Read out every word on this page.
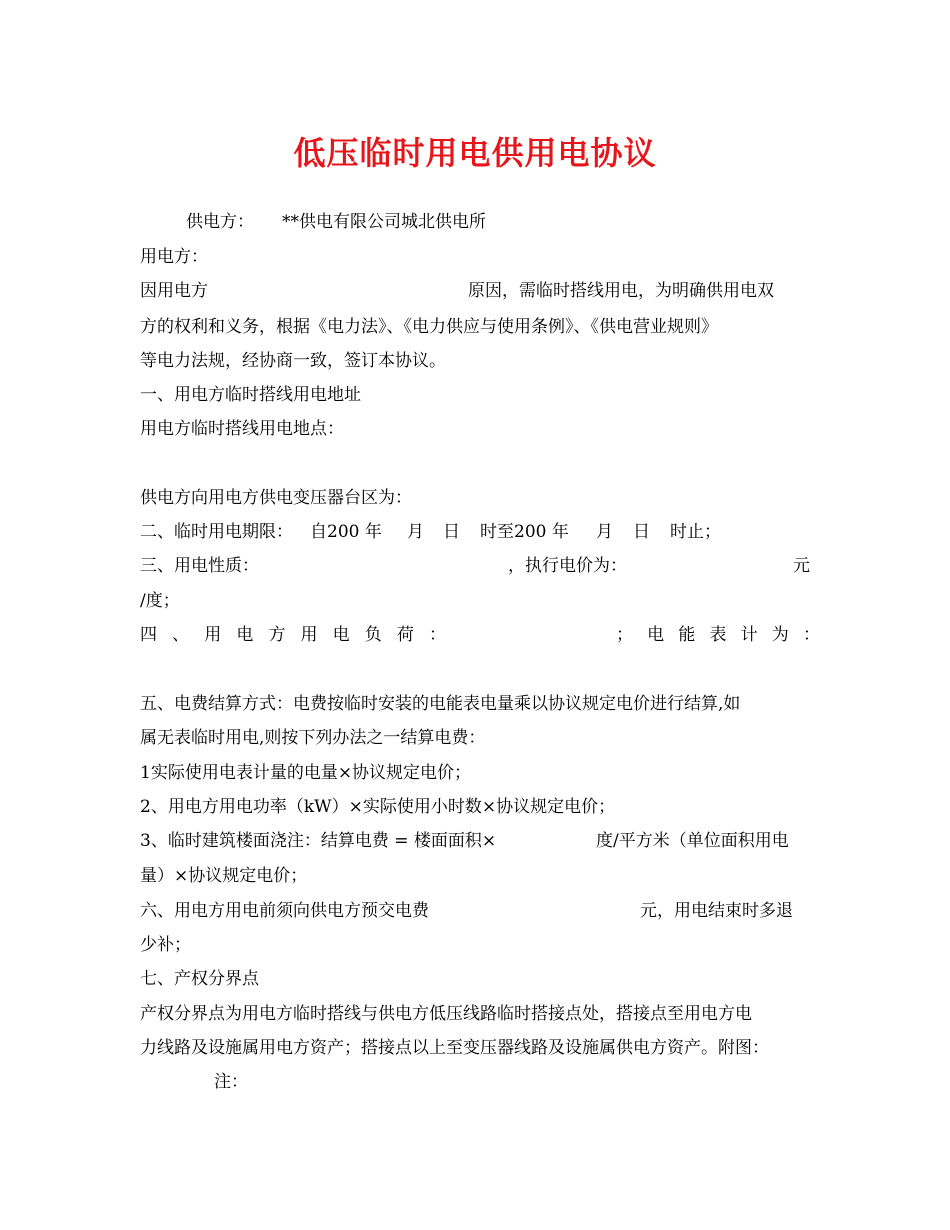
低压临时用电供用电协议
供电方： **供电有限公司城北供电所
用电方：
因用电方	原因，需临时搭线用电，为明确供用电双
方的权利和义务，根据《电力法》、《电力供应与使用条例》、《供电营业规则》
等电力法规，经协商一致，签订本协议。
一、用电方临时搭线用电地址
用电方临时搭线用电地点：
供电方向用电方供电变压器台区为：
二、临时用电期限： 自200 年 月 日 时至200 年 月 日 时止；
三、用电性质：	，执行电价为：	元
/度；
四 、 用 电 方 用 电 负 荷 ：	； 电 能 表 计 为 ：
五、电费结算方式：电费按临时安装的电能表电量乘以协议规定电价进行结算,如
属无表临时用电,则按下列办法之一结算电费：
1实际使用电表计量的电量×协议规定电价；
2、用电方用电功率（kW）×实际使用小时数×协议规定电价；
3、临时建筑楼面浇注：结算电费 = 楼面面积×	度/平方米（单位面积用电
量）×协议规定电价；
六、用电方用电前须向供电方预交电费	元，用电结束时多退
少补；
七、产权分界点
产权分界点为用电方临时搭线与供电方低压线路临时搭接点处，搭接点至用电方电
力线路及设施属用电方资产；搭接点以上至变压器线路及设施属供电方资产。附图：
注：
